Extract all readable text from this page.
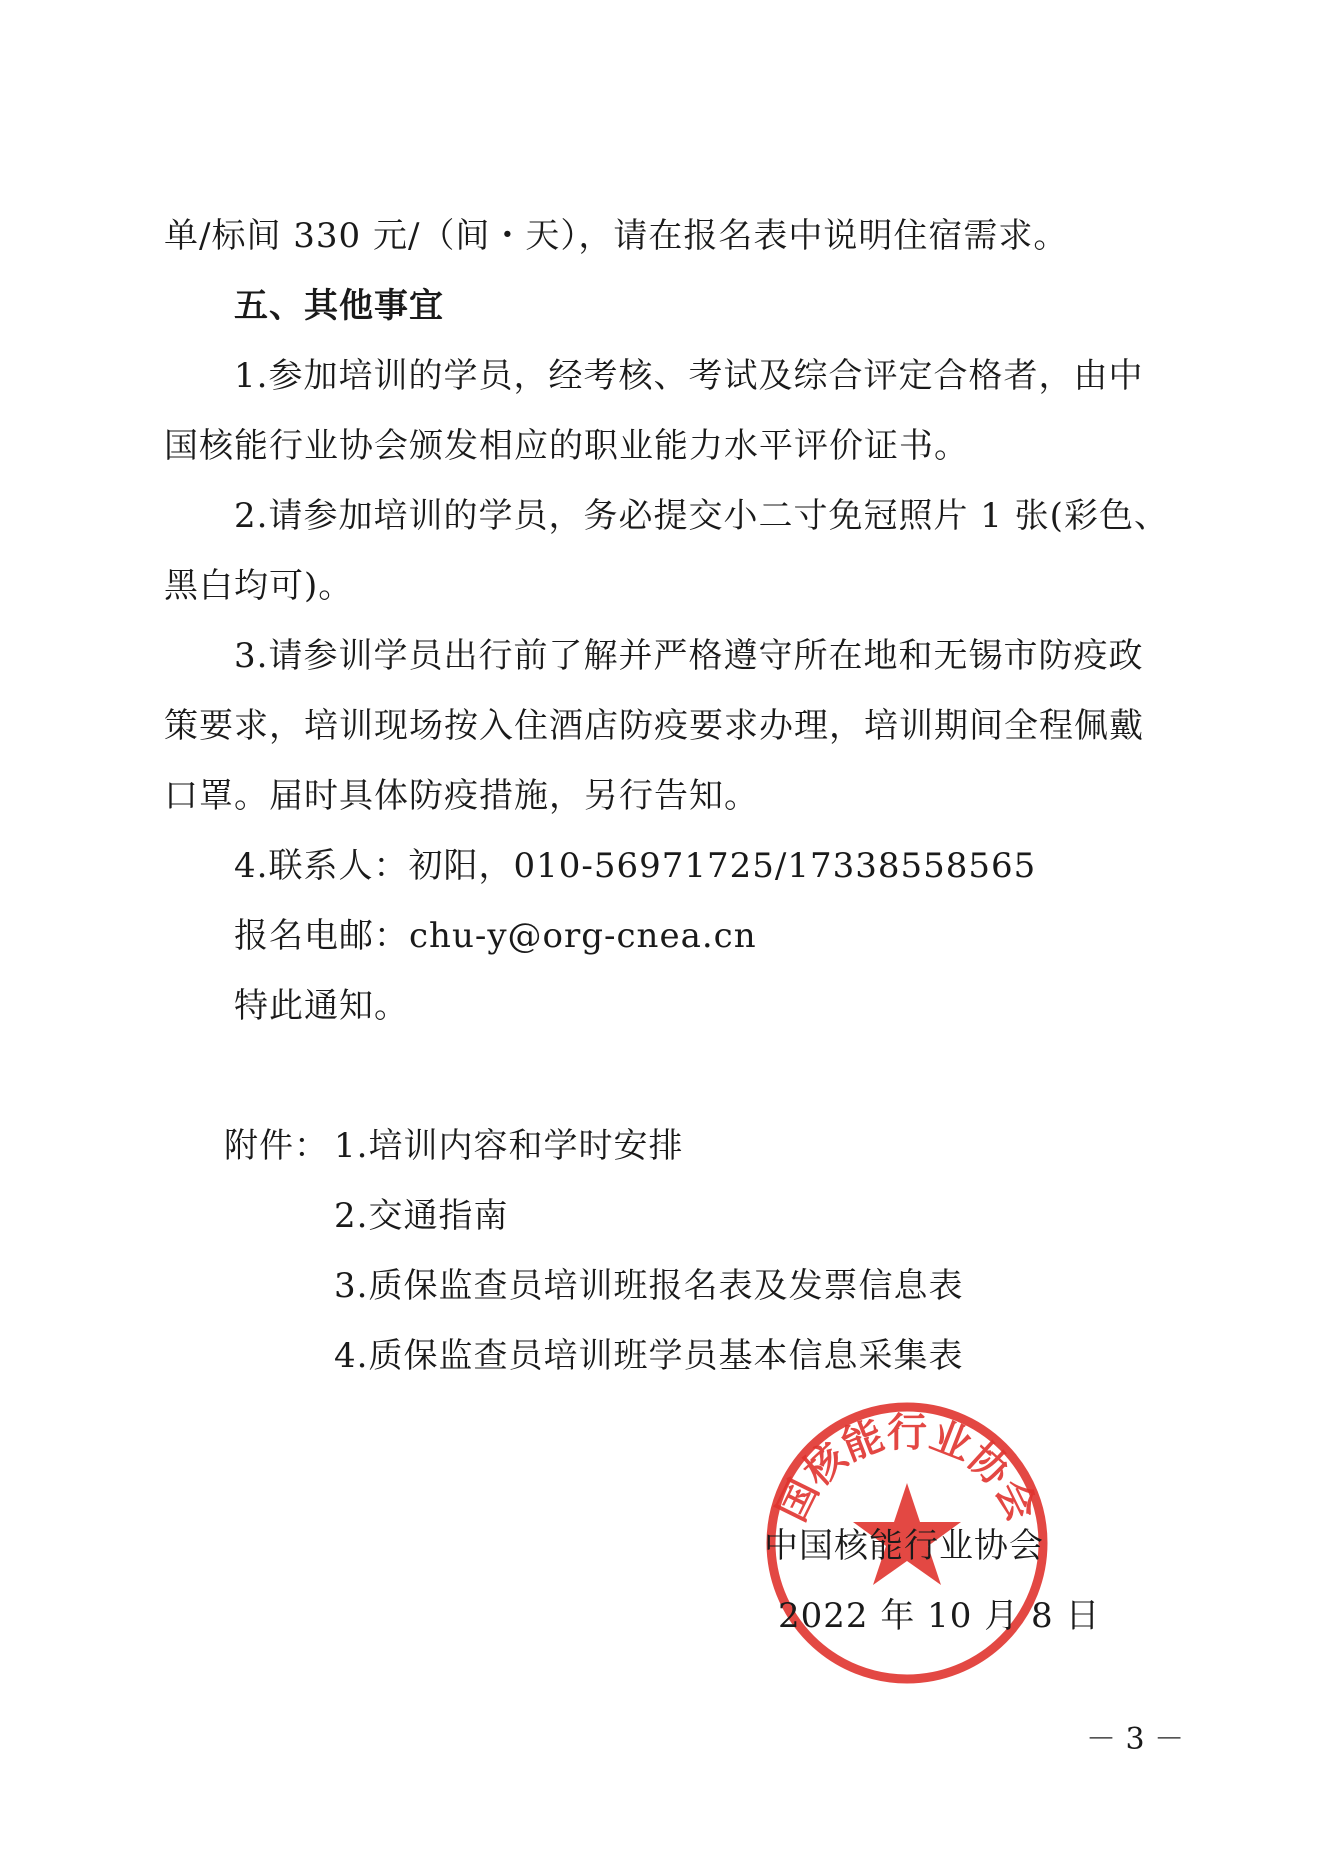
单/标间 330 元/（间・天），请在报名表中说明住宿需求。
五、其他事宜
1.参加培训的学员，经考核、考试及综合评定合格者，由中
国核能行业协会颁发相应的职业能力水平评价证书。
2.请参加培训的学员，务必提交小二寸免冠照片 1 张(彩色、
黑白均可)。
3.请参训学员出行前了解并严格遵守所在地和无锡市防疫政
策要求，培训现场按入住酒店防疫要求办理，培训期间全程佩戴
口罩。届时具体防疫措施，另行告知。
4.联系人：初阳，010-56971725/17338558565
报名电邮：chu-y@org-cnea.cn
特此通知。
附件： 1.培训内容和学时安排
2.交通指南
3.质保监查员培训班报名表及发票信息表
4.质保监查员培训班学员基本信息采集表
国核能行业协会
中国核能行业协会
2022 年 10 月 8 日
－ 3 －
